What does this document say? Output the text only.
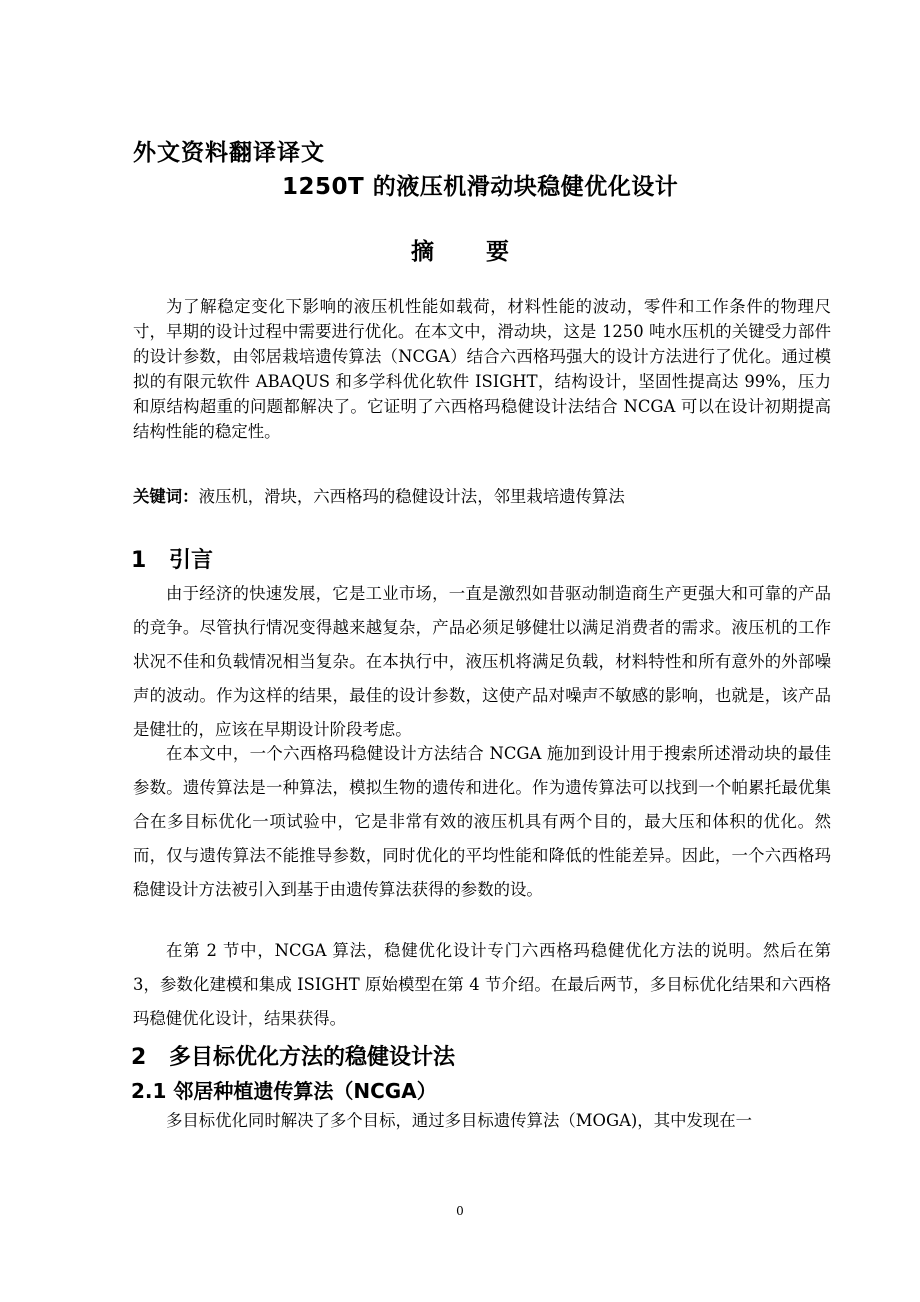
外文资料翻译译文

1250T 的液压机滑动块稳健优化设计

摘 要

为了解稳定变化下影响的液压机性能如载荷，材料性能的波动，零件和工作条件的物理尺寸，早期的设计过程中需要进行优化。在本文中，滑动块，这是 1250 吨水压机的关键受力部件的设计参数，由邻居栽培遗传算法（NCGA）结合六西格玛强大的设计方法进行了优化。通过模拟的有限元软件 ABAQUS 和多学科优化软件 ISIGHT，结构设计，坚固性提高达 99%，压力和原结构超重的问题都解决了。它证明了六西格玛稳健设计法结合 NCGA 可以在设计初期提高结构性能的稳定性。

关键词：液压机，滑块，六西格玛的稳健设计法，邻里栽培遗传算法

1 引言

由于经济的快速发展，它是工业市场，一直是激烈如昔驱动制造商生产更强大和可靠的产品的竞争。尽管执行情况变得越来越复杂，产品必须足够健壮以满足消费者的需求。液压机的工作状况不佳和负载情况相当复杂。在本执行中，液压机将满足负载，材料特性和所有意外的外部噪声的波动。作为这样的结果，最佳的设计参数，这使产品对噪声不敏感的影响，也就是，该产品是健壮的，应该在早期设计阶段考虑。

在本文中，一个六西格玛稳健设计方法结合 NCGA 施加到设计用于搜索所述滑动块的最佳参数。遗传算法是一种算法，模拟生物的遗传和进化。作为遗传算法可以找到一个帕累托最优集合在多目标优化一项试验中，它是非常有效的液压机具有两个目的，最大压和体积的优化。然而，仅与遗传算法不能推导参数，同时优化的平均性能和降低的性能差异。因此，一个六西格玛稳健设计方法被引入到基于由遗传算法获得的参数的设。

在第 2 节中，NCGA 算法，稳健优化设计专门六西格玛稳健优化方法的说明。然后在第 3，参数化建模和集成 ISIGHT 原始模型在第 4 节介绍。在最后两节，多目标优化结果和六西格玛稳健优化设计，结果获得。

2 多目标优化方法的稳健设计法
2.1 邻居种植遗传算法（NCGA）

多目标优化同时解决了多个目标，通过多目标遗传算法（MOGA)，其中发现在一

0
